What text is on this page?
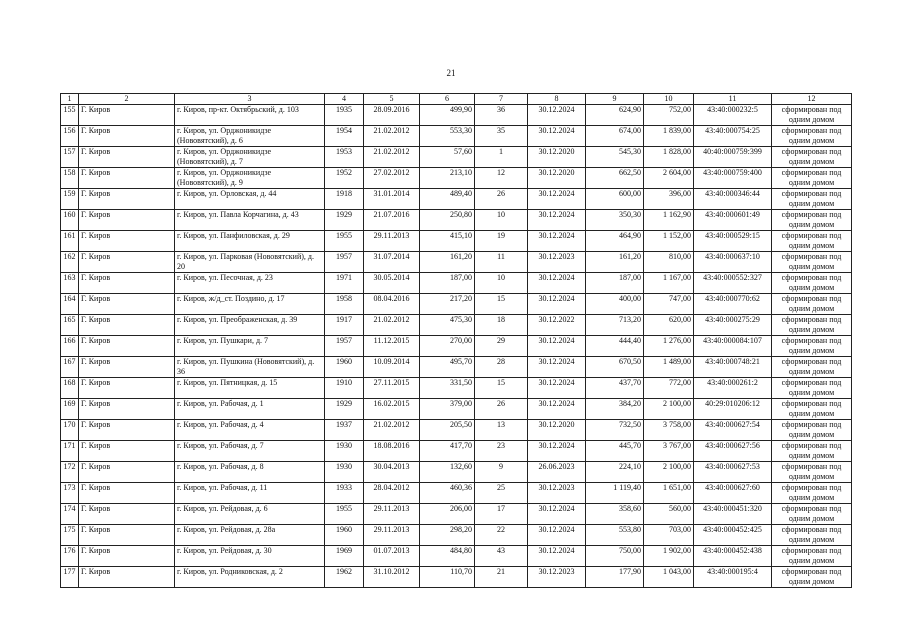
21
1	2	3	4	5	6	7	8	9	10	11	12
155	Г. Киров	г. Киров, пр-кт. Октябрьский, д. 103	1935	28.09.2016	499,90	36	30.12.2024	624,90	752,00	43:40:000232:5	сформирован под
одним домом

156	Г. Киров	г. Киров, ул. Орджоникидзе (Нововятский), д. 6	1954	21.02.2012	553,30	35	30.12.2024	674,00	1 839,00	43:40:000754:25	сформирован под
одним домом

157	Г. Киров	г. Киров, ул. Орджоникидзе (Нововятский), д. 7	1953	21.02.2012	57,60	1	30.12.2020	545,30	1 828,00	40:40:000759:399	сформирован под
одним домом

158	Г. Киров	г. Киров, ул. Орджоникидзе (Нововятский), д. 9	1952	27.02.2012	213,10	12	30.12.2020	662,50	2 604,00	43:40:000759:400	сформирован под
одним домом

159	Г. Киров	г. Киров, ул. Орловская, д. 44	1918	31.01.2014	489,40	26	30.12.2024	600,00	396,00	43:40:000346:44	сформирован под
одним домом

160	Г. Киров	г. Киров, ул. Павла Корчагина, д. 43	1929	21.07.2016	250,80	10	30.12.2024	350,30	1 162,90	43:40:000601:49	сформирован под
одним домом

161	Г. Киров	г. Киров, ул. Панфиловская, д. 29	1955	29.11.2013	415,10	19	30.12.2024	464,90	1 152,00	43:40:000529:15	сформирован под
одним домом

162	Г. Киров	г. Киров, ул. Парковая (Нововятский), д. 20	1957	31.07.2014	161,20	11	30.12.2023	161,20	810,00	43:40:000637:10	сформирован под
одним домом

163	Г. Киров	г. Киров, ул. Песочная, д. 23	1971	30.05.2014	187,00	10	30.12.2024	187,00	1 167,00	43:40:000552:327	сформирован под
одним домом

164	Г. Киров	г. Киров, ж/д_ст. Поздино, д. 17	1958	08.04.2016	217,20	15	30.12.2024	400,00	747,00	43:40:000770:62	сформирован под
одним домом

165	Г. Киров	г. Киров, ул. Преображенская, д. 39	1917	21.02.2012	475,30	18	30.12.2022	713,20	620,00	43:40:000275:29	сформирован под
одним домом

166	Г. Киров	г. Киров, ул. Пушкари, д. 7	1957	11.12.2015	270,00	29	30.12.2024	444,40	1 276,00	43:40:000084:107	сформирован под
одним домом

167	Г. Киров	г. Киров, ул. Пушкина (Нововятский), д. 36	1960	10.09.2014	495,70	28	30.12.2024	670,50	1 489,00	43:40:000748:21	сформирован под
одним домом

168	Г. Киров	г. Киров, ул. Пятницкая, д. 15	1910	27.11.2015	331,50	15	30.12.2024	437,70	772,00	43:40:000261:2	сформирован под
одним домом

169	Г. Киров	г. Киров, ул. Рабочая, д. 1	1929	16.02.2015	379,00	26	30.12.2024	384,20	2 100,00	40:29:010206:12	сформирован под
одним домом

170	Г. Киров	г. Киров, ул. Рабочая, д. 4	1937	21.02.2012	205,50	13	30.12.2020	732,50	3 758,00	43:40:000627:54	сформирован под
одним домом

171	Г. Киров	г. Киров, ул. Рабочая, д. 7	1930	18.08.2016	417,70	23	30.12.2024	445,70	3 767,00	43:40:000627:56	сформирован под
одним домом

172	Г. Киров	г. Киров, ул. Рабочая, д. 8	1930	30.04.2013	132,60	9	26.06.2023	224,10	2 100,00	43:40:000627:53	сформирован под
одним домом

173	Г. Киров	г. Киров, ул. Рабочая, д. 11	1933	28.04.2012	460,36	25	30.12.2023	1 119,40	1 651,00	43:40:000627:60	сформирован под
одним домом

174	Г. Киров	г. Киров, ул. Рейдовая, д. 6	1955	29.11.2013	206,00	17	30.12.2024	358,60	560,00	43:40:000451:320	сформирован под
одним домом

175	Г. Киров	г. Киров, ул. Рейдовая, д. 28а	1960	29.11.2013	298,20	22	30.12.2024	553,80	703,00	43:40:000452:425	сформирован под
одним домом

176	Г. Киров	г. Киров, ул. Рейдовая, д. 30	1969	01.07.2013	484,80	43	30.12.2024	750,00	1 902,00	43:40:000452:438	сформирован под
одним домом

177	Г. Киров	г. Киров, ул. Родниковская, д. 2	1962	31.10.2012	110,70	21	30.12.2023	177,90	1 043,00	43:40:000195:4	сформирован под
одним домом
